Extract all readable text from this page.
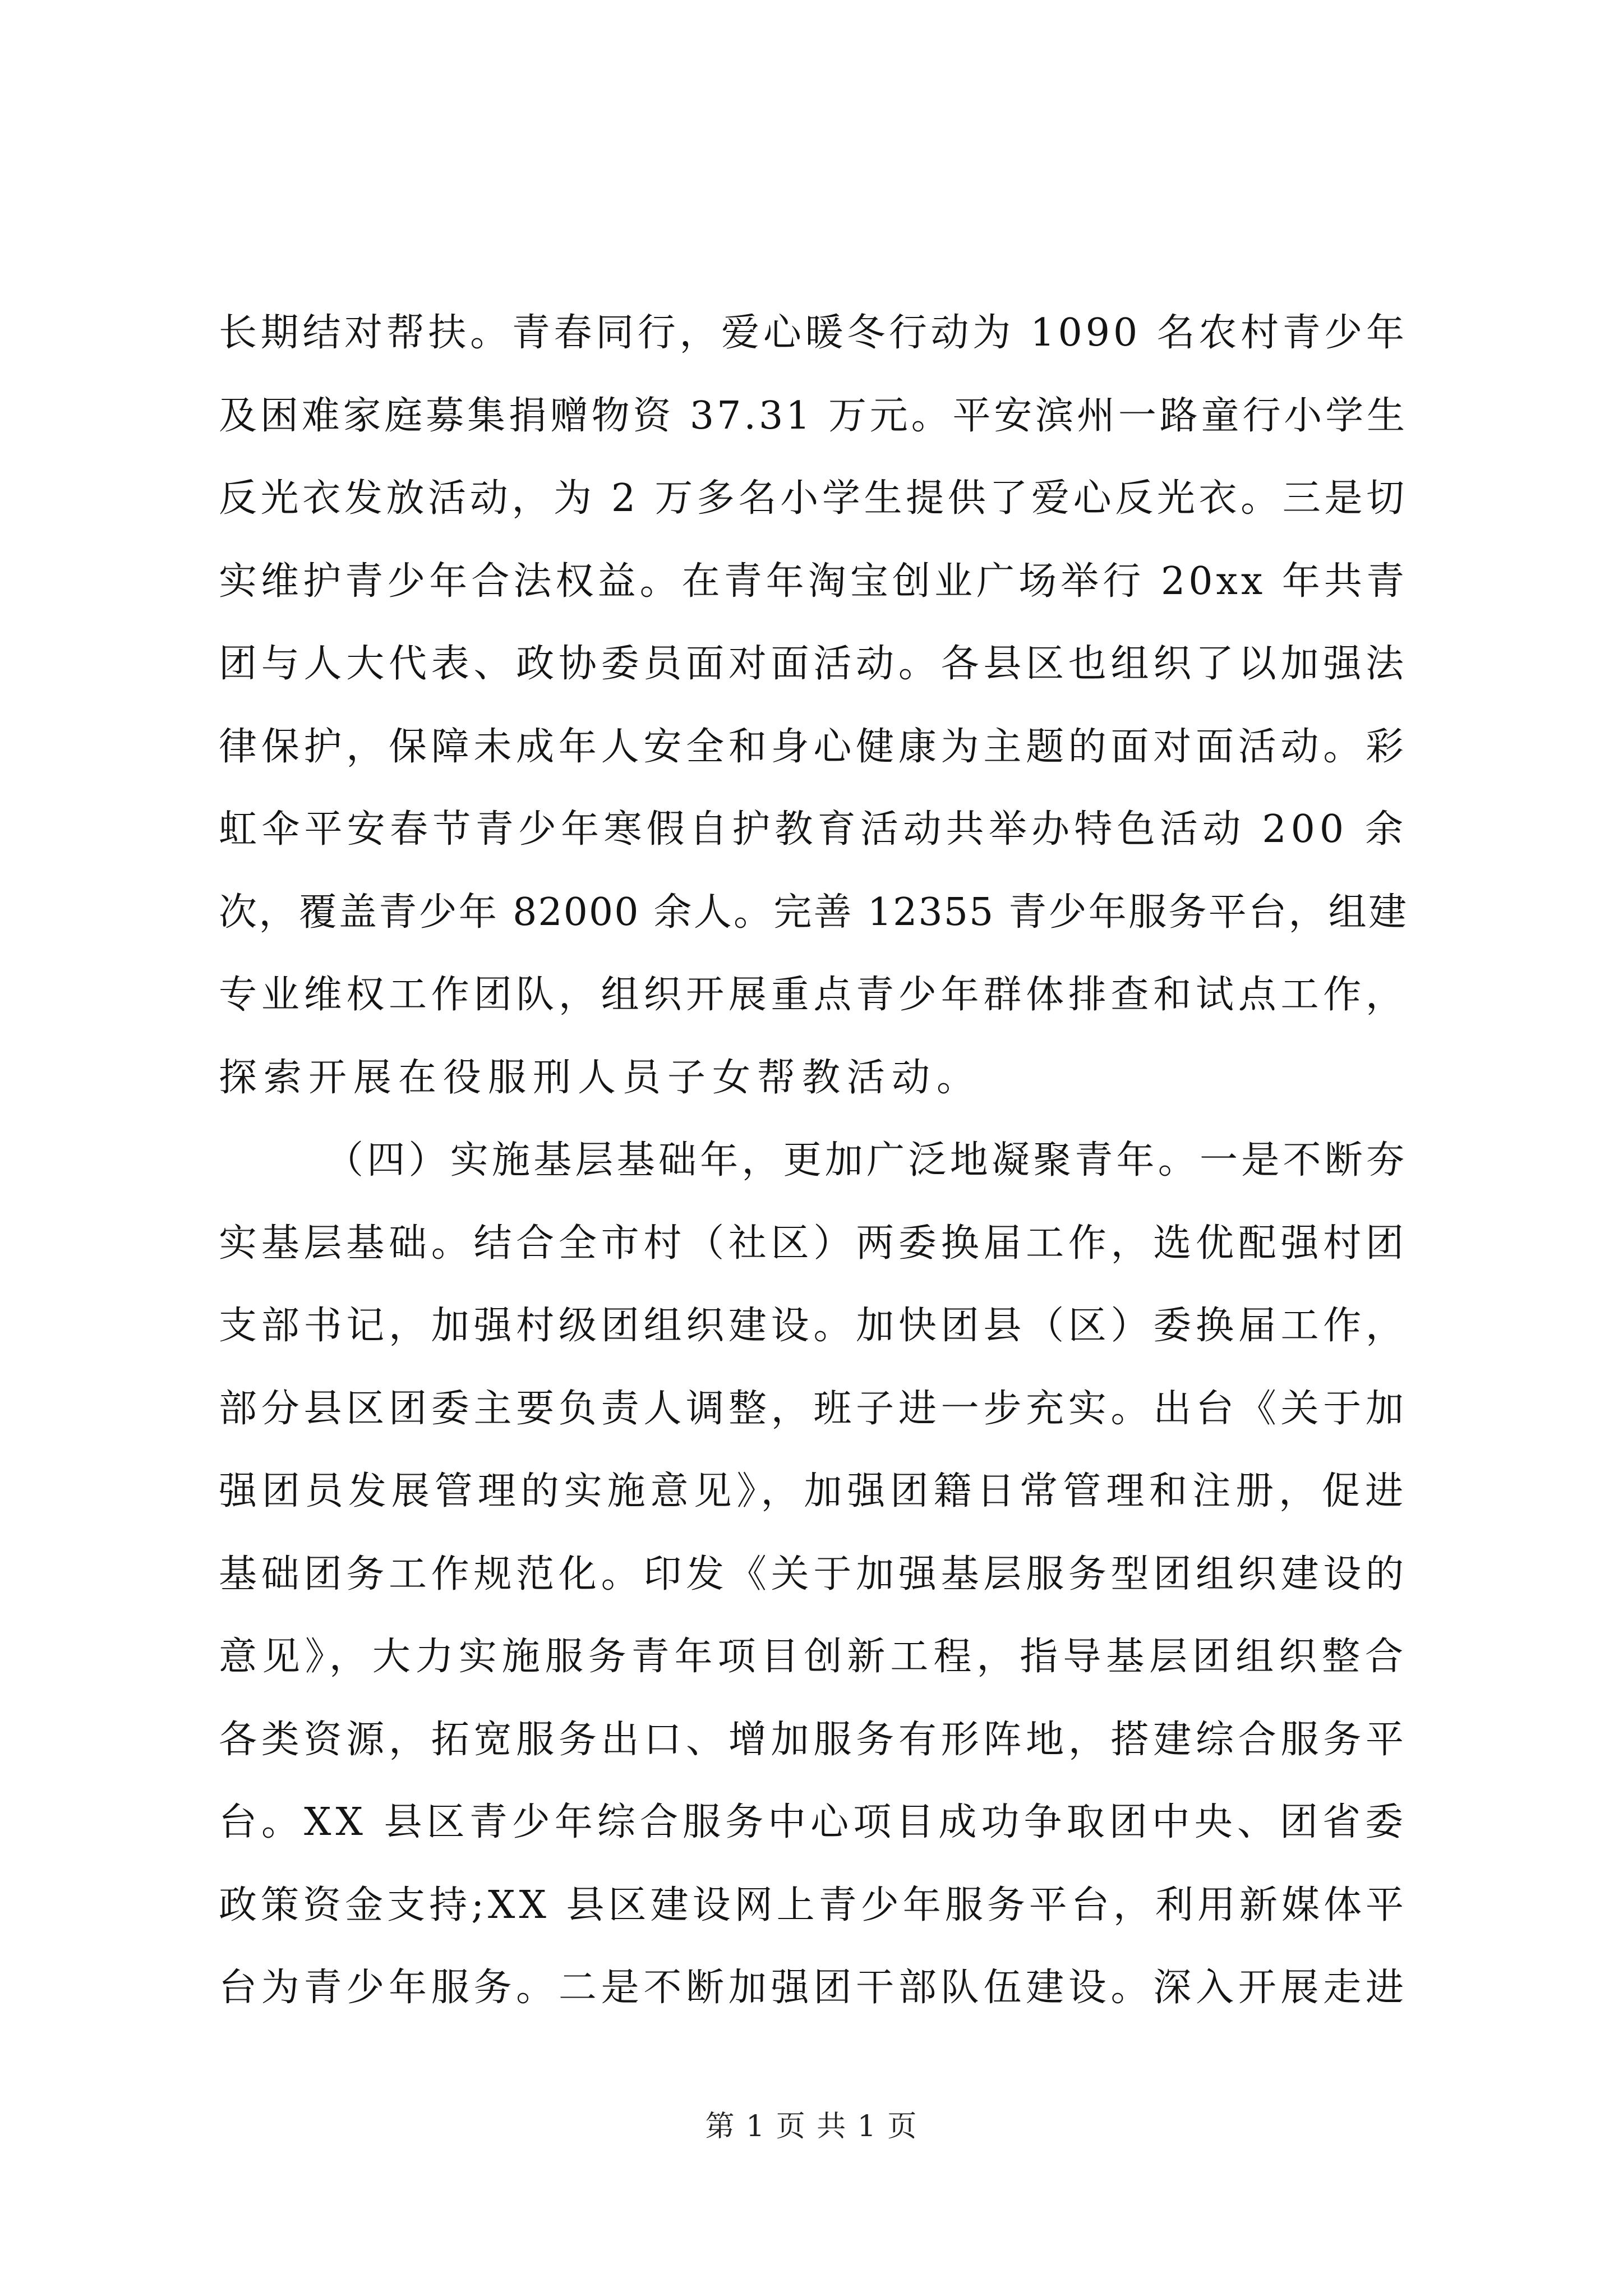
长期结对帮扶。青春同行，爱心暖冬行动为 1090 名农村青少年

及困难家庭募集捐赠物资 37.31 万元。平安滨州一路童行小学生

反光衣发放活动，为 2 万多名小学生提供了爱心反光衣。三是切

实维护青少年合法权益。在青年淘宝创业广场举行 20xx 年共青

团与人大代表、政协委员面对面活动。各县区也组织了以加强法

律保护，保障未成年人安全和身心健康为主题的面对面活动。彩

虹伞平安春节青少年寒假自护教育活动共举办特色活动 200 余

次，覆盖青少年 82000 余人。完善 12355 青少年服务平台，组建

专业维权工作团队，组织开展重点青少年群体排查和试点工作，

探索开展在役服刑人员子女帮教活动。

（四）实施基层基础年，更加广泛地凝聚青年。一是不断夯

实基层基础。结合全市村（社区）两委换届工作，选优配强村团

支部书记，加强村级团组织建设。加快团县（区）委换届工作，

部分县区团委主要负责人调整，班子进一步充实。出台《关于加

强团员发展管理的实施意见》，加强团籍日常管理和注册，促进

基础团务工作规范化。印发《关于加强基层服务型团组织建设的

意见》，大力实施服务青年项目创新工程，指导基层团组织整合

各类资源，拓宽服务出口、增加服务有形阵地，搭建综合服务平

台。XX 县区青少年综合服务中心项目成功争取团中央、团省委

政策资金支持;XX 县区建设网上青少年服务平台，利用新媒体平

台为青少年服务。二是不断加强团干部队伍建设。深入开展走进

第 1 页 共 1 页
